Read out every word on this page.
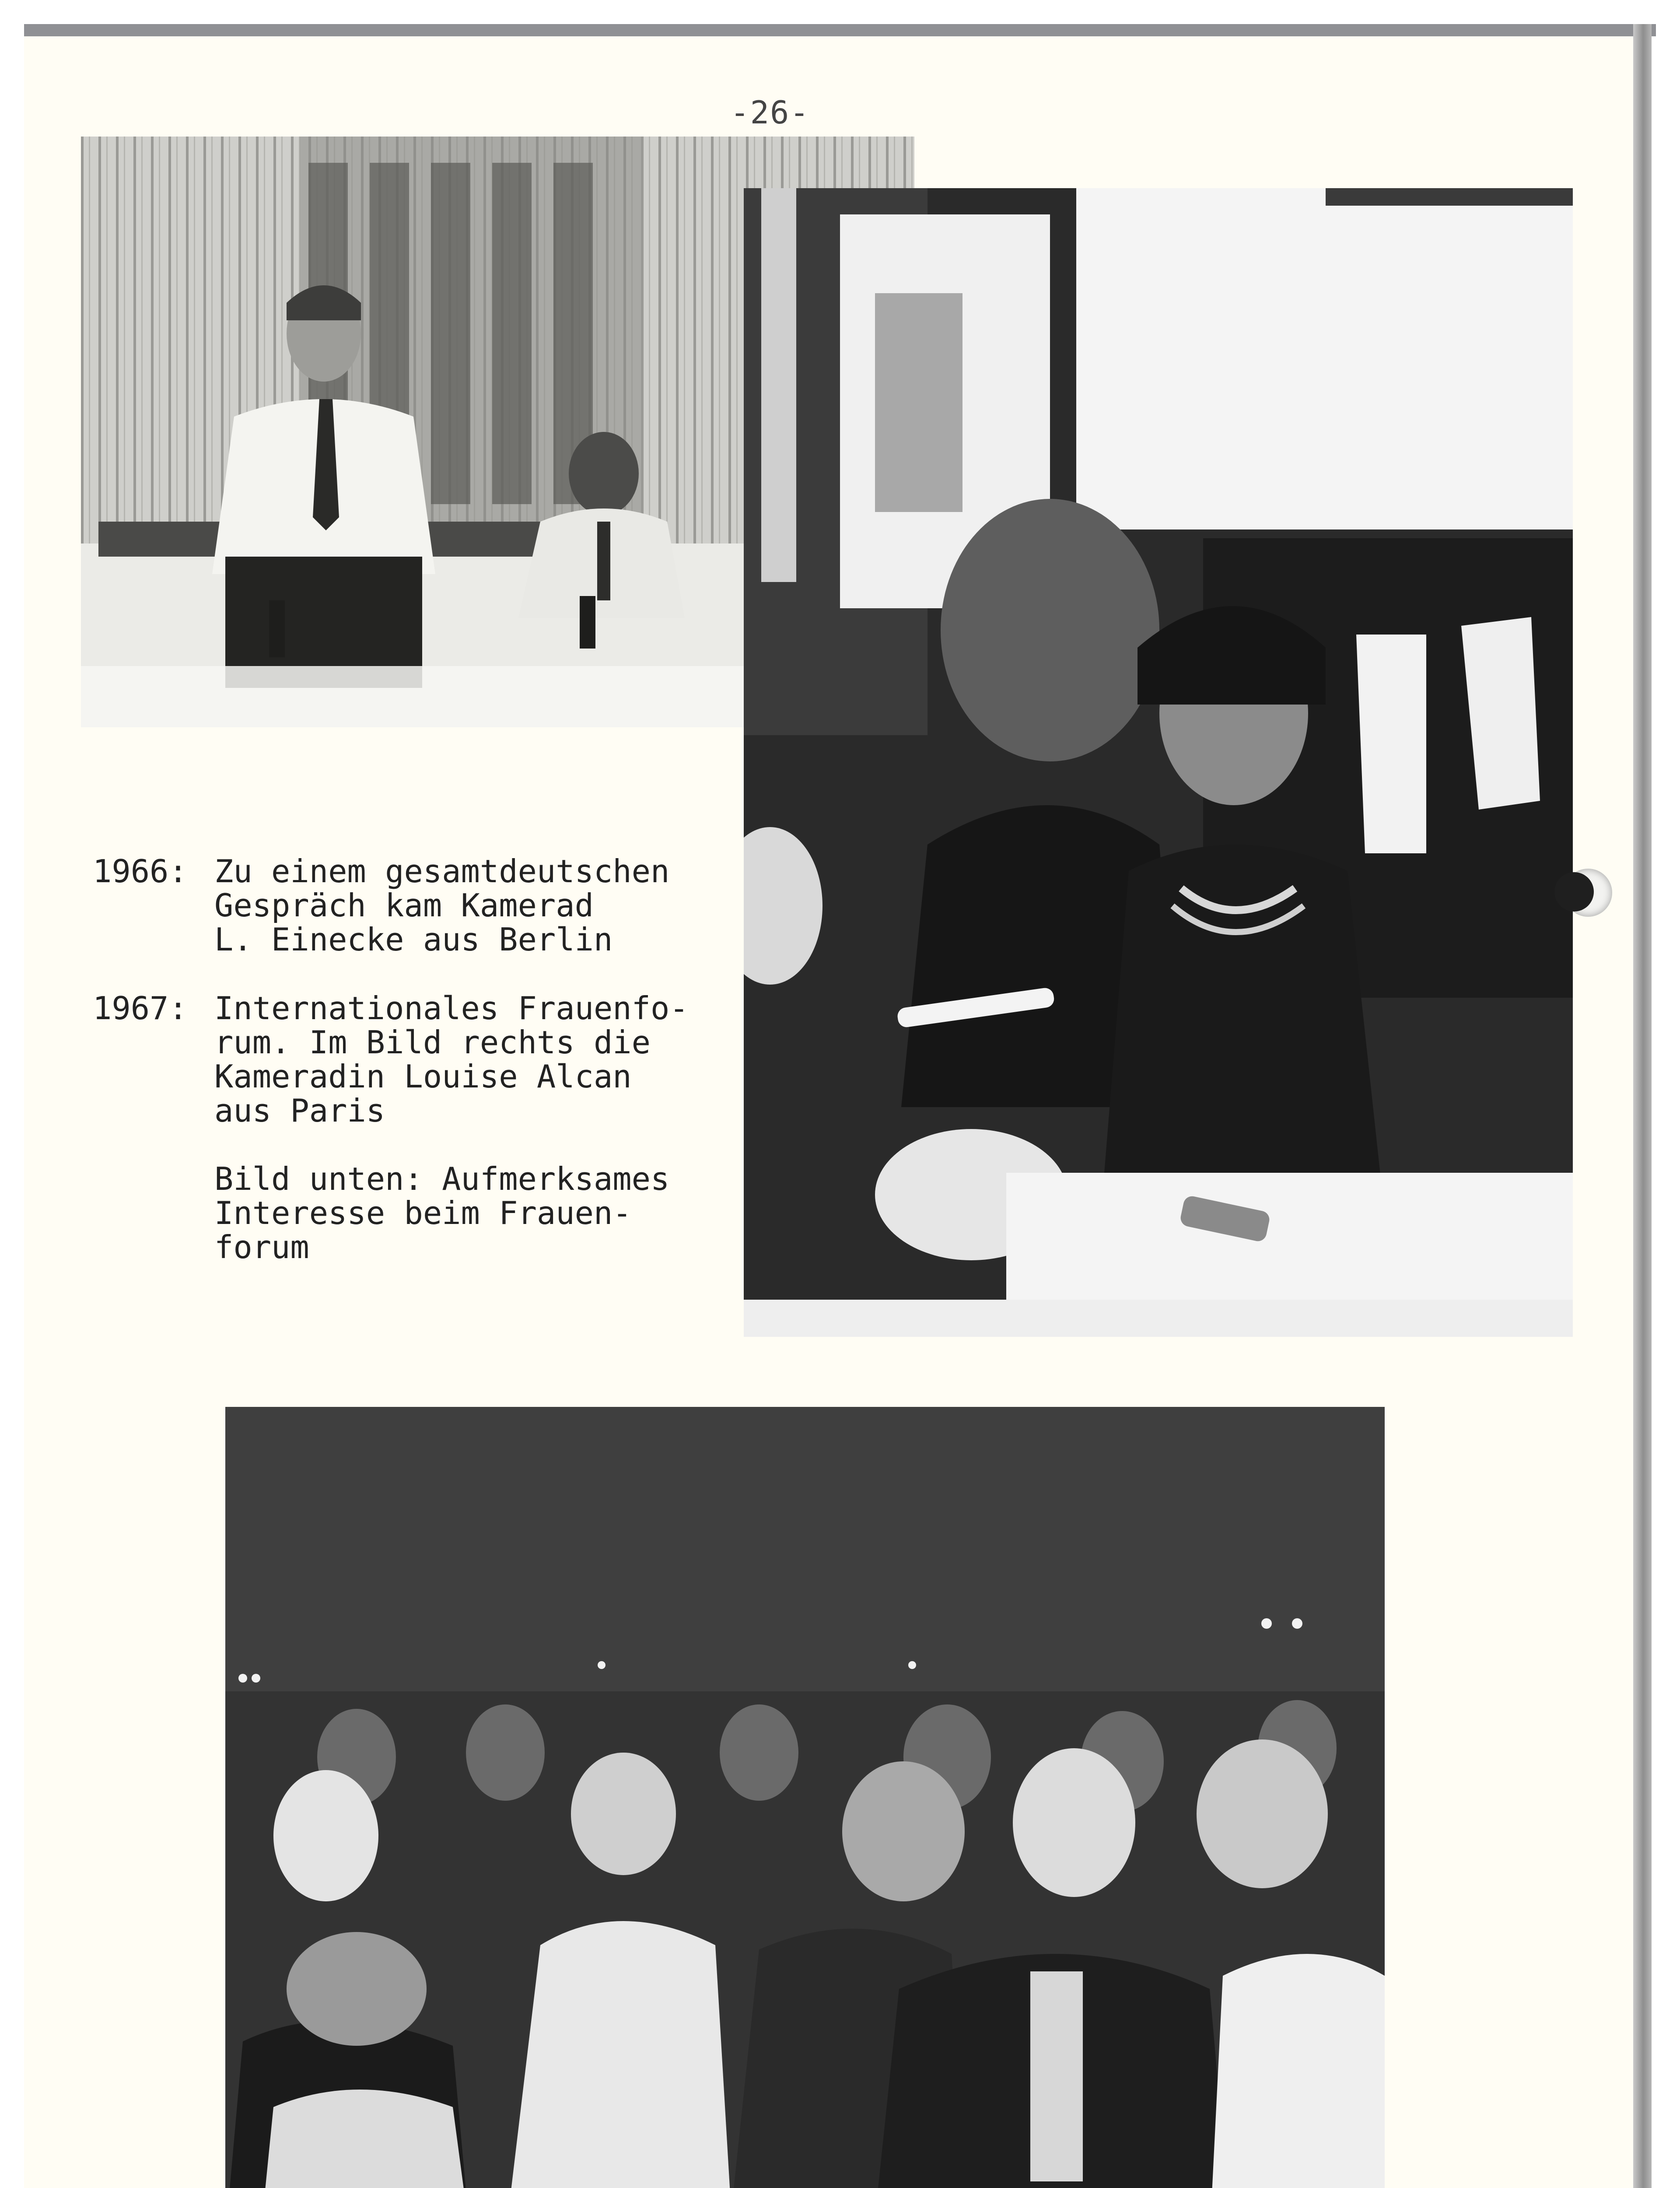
-26-
1966: Zu einem gesamtdeutschen
Gespräch kam Kamerad
L. Einecke aus Berlin
1967: Internationales Frauenfo-
rum. Im Bild rechts die
Kameradin Louise Alcan
aus Paris
Bild unten: Aufmerksames
Interesse beim Frauen-
forum
